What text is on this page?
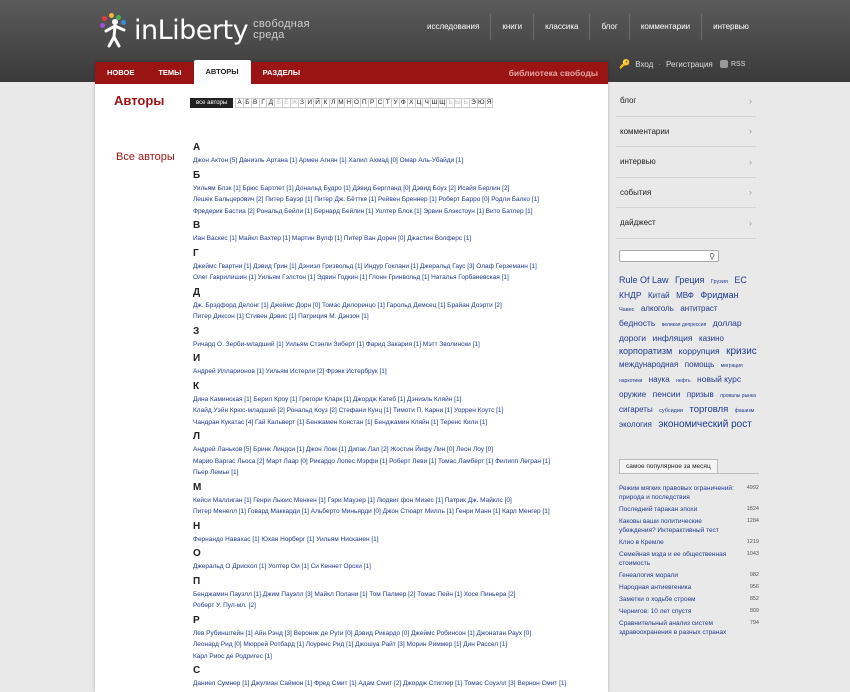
inLiberty свободная
среда
исследования	книги	классика	блог	комментарии	интервью
🔑 Вход · Регистрация	RSS
НОВОЕ	ТЕМЫ	АВТОРЫ	РАЗДЕЛЫ	библиотека свободы
Авторы	все авторы	А Б В Г Д Е Ё Ж З И Й К Л М Н О П Р С Т У Ф Х Ц Ч Ш Щ Ъ Ы Ь Э Ю Я
Все авторы
А
Джон Актон [5] Даниэль Артана [1] Армен Агнян [1] Халил Ахмад [0] Омар Аль-Убайди [1]
Б
Уильям Блэк [1] Брюс Бартлет [1] Дональд Будро [1] Дэвид Бергланд [0] Дэвид Боуз [2] Исайя Берлин [2]
Лешек Бальцерович [2] Питер Бауэр [1] Питер Дж. Бёттке [1] Рейвен Бреннер [1] Роберт Барро [0] Родли Балко [1]
Фредерик Бастиа [2] Рональд Бейли [1] Бернард Бейлин [1] Уолтер Блок [1] Эрвин Блэкстоун [1] Вито Батлер [1]
В
Иан Васкес [1] Майкл Вахтер [1] Мартин Вулф [1] Питер Ван Дорен [0] Джастин Волферс [1]
Г
Джеймс Гвартни [1] Дэвид Грин [1] Дэниэл Гризвольд [1] Индур Гоклани [1] Джеральд Гаус [3] Олаф Герземанн [1]
Олег Гаврилишин [1] Уильям Гэлстон [1] Эдвин Годкин [1] Глонн Гринвольд [1] Наталья Горбаневская [1]
Д
Дж. Брэдфорд Делонг [1] Джеймс Дорн [0] Томас Дилоренцо [1] Гарольд Демсец [1] Брайан Доэрти [2]
Питер Диксон [1] Стивен Дэвис [1] Патриция М. Дэнзон [1]
З
Ричард О. Зерби-младший [1] Уильям Стэнли Зиберт [1] Фарид Закария [1] Мэтт Зволински [1]
И
Андрей Илларионов [1] Уильям Истерли [2] Фрэнк Истербрук [1]
К
Дина Каминская [1] Берил Кроу [1] Грегори Кларк [1] Джордж Катеб [1] Дэниэль Кляйн [1]
Клайд Уэйн Крюс-младший [2] Рональд Коуз [2] Стефани Кунц [1] Тимоти П. Карни [1] Уоррен Коутс [1]
Чандран Кукатас [4] Гай Кальверт [1] Бенжамен Констан [1] Бенджамин Кляйн [1] Теренс Кили [1]
Л
Андрей Ланьков [5] Бринк Линдси [1] Джон Локк [1] Дипак Лал [2] Жостин Йифу Лин [0] Леон Лоу [0]
Марио Варгас Льоса [2] Март Лаар [0] Рикардо Лопес Мэрфи [1] Роберт Леви [1] Томас Ламберт [1] Филипп Легран [1]
Пьер Лемье [1]
М
Кейси Маллиган [1] Генри Льюис Менкен [1] Гэри Маузер [1] Людвиг фон Мизес [1] Патрик Дж. Майклс [0]
Питер Менелл [1] Говард Маккарди [1] Альберто Миньярди [0] Джон Стюарт Милль [1] Генри Манн [1] Карл Менгер [1]
Н
Фернандо Навахас [1] Юхан Норберг [1] Уильям Нисканен [1]
О
Джеральд О Дрискол [1] Уолтер Ои [1] Си Кеннет Орски [1]
П
Бенджамин Пауэлл [1] Джим Пауэлл [3] Майкл Полани [1] Том Палмер [2] Томас Пейн [1] Хосе Пиньера [2]
Роберт У. Пул-мл. [2]
Р
Лев Рубинштейн [1] Айн Рэнд [3] Вероник де Руги [0] Дэвид Рикардо [0] Джеймс Робинсон [1] Джонатан Раух [0]
Леонард Рид [0] Мюррей Ротбард [1] Лоуренс Рид [1] Джошуа Райт [3] Морин Риммер [1] Дин Рассел [1]
Карл Риос де Родригес [1]
С
Даниел Сумнер [1] Джулиан Саймон [1] Фред Смит [1] Адам Смит [2] Джордж Стиглер [1] Томас Соуэлл [3] Вернон Смит [1]
блог	›
комментарии	›
интервью	›
события	›
дайджест	›
⚲
Rule Of Law Греция Грузия ЕС КНДР Китай МВФ Фридман Чавес алкоголь антитраст бедность великая депрессия доллар дороги инфляция казино корпоратизм коррупция кризис международная помощь миграция наркотики наука нефть новый курс оружие пенсии призыв провалы рынка сигареты субсидии торговля фашизм экология экономический рост
самое популярное за месяц
Режим мягких правовых ограничений: природа и последствия
4992
Последний таракан эпохи	1824
Каковы ваши политические убеждения? Интерактивный тест
1284
Клио в Кремле	1219
Семейная мзда и ее общественная стоимость
1043
Генеалогия морали	982
Народная антиевгеника	956
Заметки о ходьбе строем	852
Чернигов: 10 лет спустя	809
Сравнительный анализ систем здравоохранения в разных странах
794
